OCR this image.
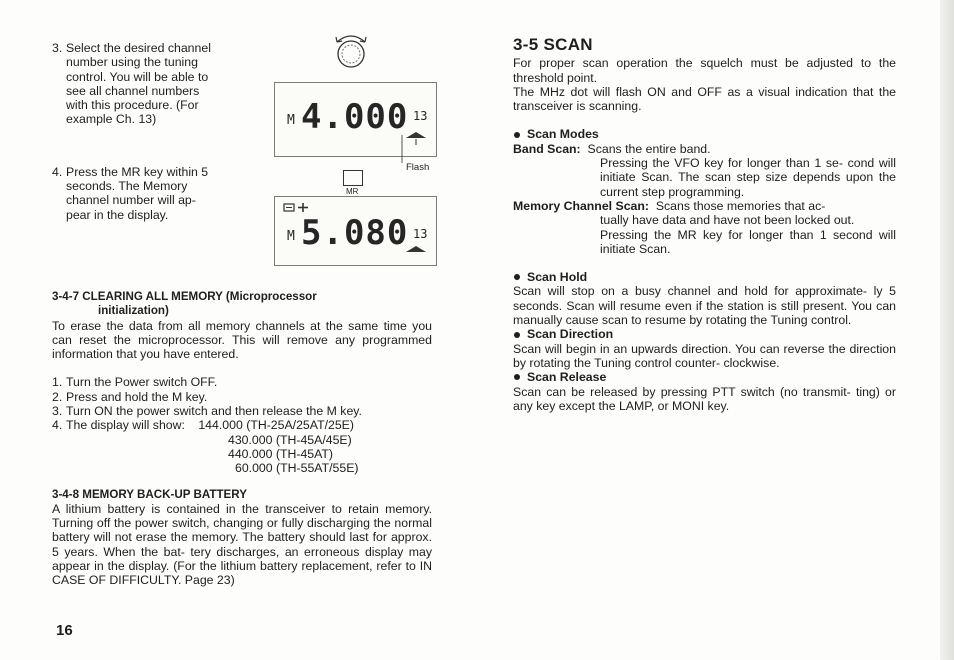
3. Select the desired channel

number using the tuning

control. You will be able to

see all channel numbers

with this procedure. (For

example Ch. 13)

4. Press the MR key within 5

seconds. The Memory

channel number will ap-

pear in the display.

3-4-7 CLEARING ALL MEMORY (Microprocessor

initialization)

To erase the data from all memory channels at the same time you can reset the microprocessor. This will remove any programmed information that you have entered.

1. Turn the Power switch OFF.
2. Press and hold the M key.
3. Turn ON the power switch and then release the M key.
4. The display will show: 144.000 (TH-25A/25AT/25E)
430.000 (TH-45A/45E)
440.000 (TH-45AT)
60.000 (TH-55AT/55E)

3-4-8 MEMORY BACK-UP BATTERY

A lithium battery is contained in the transceiver to retain memory. Turning off the power switch, changing or fully discharging the normal battery will not erase the memory. The battery should last for approx. 5 years. When the bat- tery discharges, an erroneous display may appear in the display. (For the lithium battery replacement, refer to IN CASE OF DIFFICULTY. Page 23)

M 4.000 13
Flash
MR
M 5.080 13
16

3-5 SCAN

For proper scan operation the squelch must be adjusted to the threshold point.

The MHz dot will flash ON and OFF as a visual indication that the transceiver is scanning.

Scan Modes

Band Scan: Scans the entire band.

Pressing the VFO key for longer than 1 se- cond will initiate Scan. The scan step size depends upon the current step programming.

Memory Channel Scan: Scans those memories that ac-

tually have data and have not been locked out.

Pressing the MR key for longer than 1 second will initiate Scan.

Scan Hold

Scan will stop on a busy channel and hold for approximate- ly 5 seconds. Scan will resume even if the station is still present. You can manually cause scan to resume by rotating the Tuning control.

Scan Direction

Scan will begin in an upwards direction. You can reverse the direction by rotating the Tuning control counter- clockwise.

Scan Release

Scan can be released by pressing PTT switch (no transmit- ting) or any key except the LAMP, or MONI key.
